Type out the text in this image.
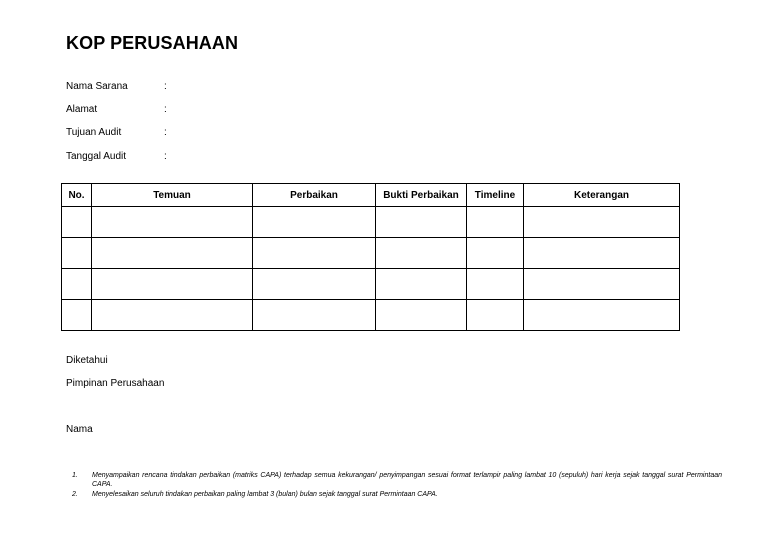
KOP PERUSAHAAN
Nama Sarana	:
Alamat	:
Tujuan Audit	:
Tanggal Audit	:
No.	Temuan	Perbaikan	Bukti Perbaikan	Timeline	Keterangan

Diketahui
Pimpinan Perusahaan
Nama
1. Menyampaikan rencana tindakan perbaikan (matriks CAPA) terhadap semua kekurangan/ penyimpangan sesuai format terlampir paling lambat 10 (sepuluh) hari kerja sejak tanggal surat Permintaan CAPA.
2. Menyelesaikan seluruh tindakan perbaikan paling lambat 3 (bulan) bulan sejak tanggal surat Permintaan CAPA.
